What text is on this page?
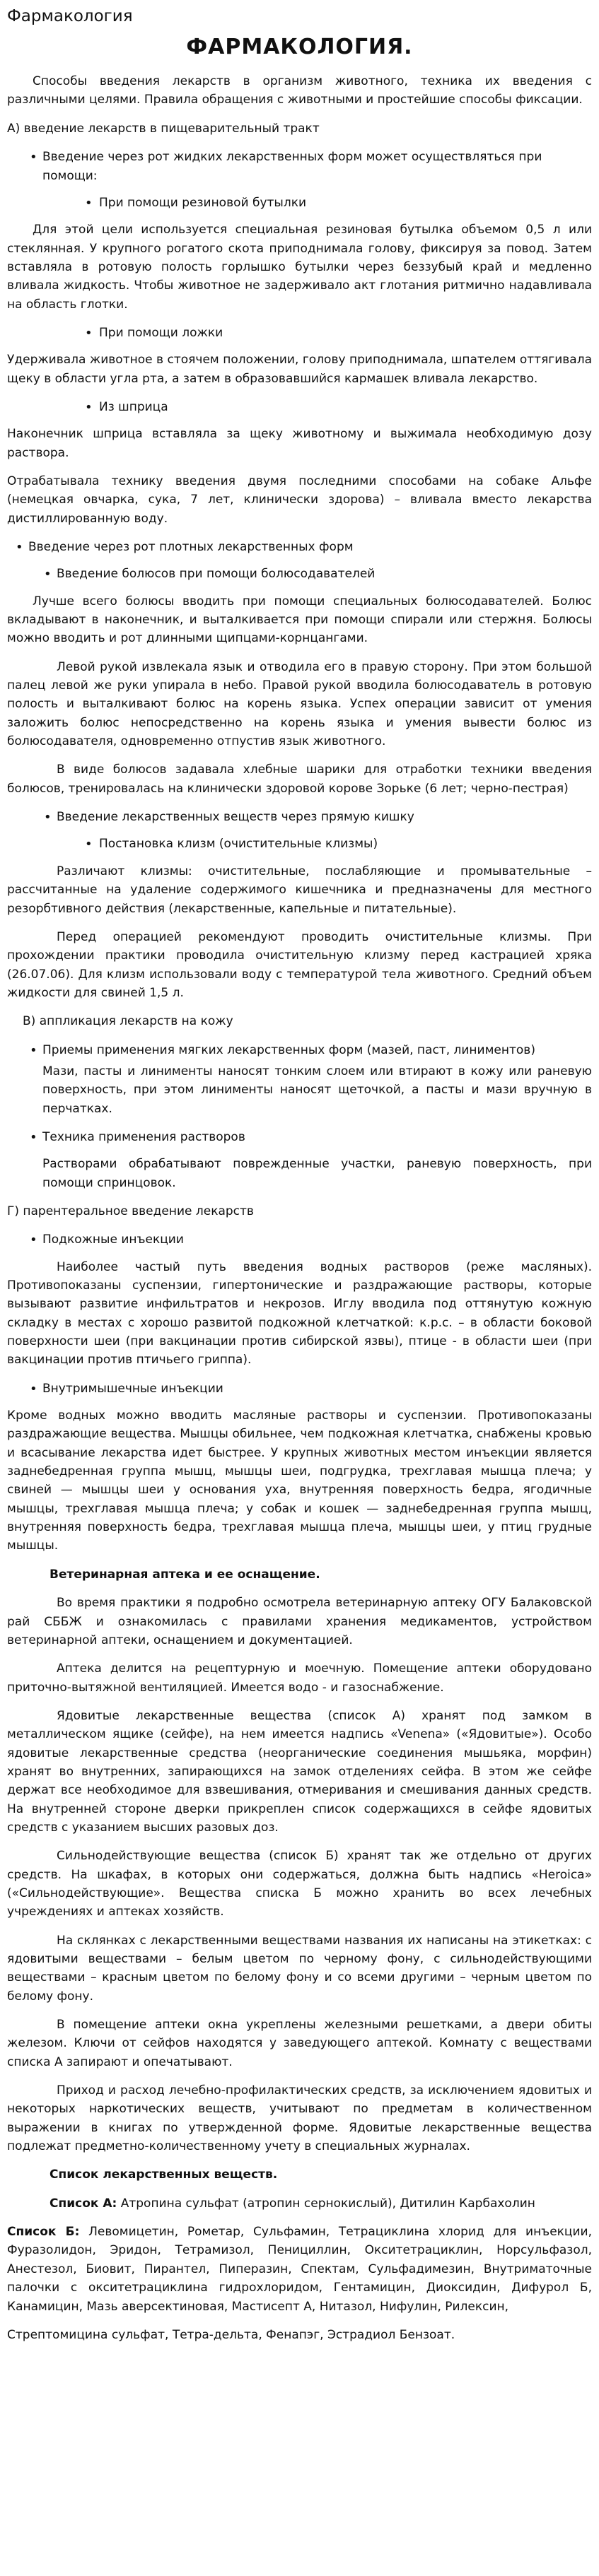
Фармакология
ФАРМАКОЛОГИЯ.

Способы введения лекарств в организм животного, техника их введения с различными целями. Правила обращения с животными и простейшие способы фиксации.

А) введение лекарств в пищеварительный тракт

• Введение через рот жидких лекарственных форм может осуществляться при помощи:
• При помощи резиновой бутылки

Для этой цели используется специальная резиновая бутылка объемом 0,5 л или стеклянная. У крупного рогатого скота приподнимала голову, фиксируя за повод. Затем вставляла в ротовую полость горлышко бутылки через беззубый край и медленно вливала жидкость. Чтобы животное не задерживало акт глотания ритмично надавливала на область глотки.

• При помощи ложки

Удерживала животное в стоячем положении, голову приподнимала, шпателем оттягивала щеку в области угла рта, а затем в образовавшийся кармашек вливала лекарство.

• Из шприца

Наконечник шприца вставляла за щеку животному и выжимала необходимую дозу раствора.

Отрабатывала технику введения двумя последними способами на собаке Альфе (немецкая овчарка, сука, 7 лет, клинически здорова) – вливала вместо лекарства дистиллированную воду.

• Введение через рот плотных лекарственных форм
• Введение болюсов при помощи болюсодавателей

Лучше всего болюсы вводить при помощи специальных болюсодавателей. Болюс вкладывают в наконечник, и выталкивается при помощи спирали или стержня. Болюсы можно вводить и рот длинными щипцами-корнцангами.

Левой рукой извлекала язык и отводила его в правую сторону. При этом большой палец левой же руки упирала в небо. Правой рукой вводила болюсодаватель в ротовую полость и выталкивают болюс на корень языка. Успех операции зависит от умения заложить болюс непосредственно на корень языка и умения вывести болюс из болюсодавателя, одновременно отпустив язык животного.

В виде болюсов задавала хлебные шарики для отработки техники введения болюсов, тренировалась на клинически здоровой корове Зорьке (6 лет; черно-пестрая)

• Введение лекарственных веществ через прямую кишку
• Постановка клизм (очистительные клизмы)

Различают клизмы: очистительные, послабляющие и промывательные – рассчитанные на удаление содержимого кишечника и предназначены для местного резорбтивного действия (лекарственные, капельные и питательные).

Перед операцией рекомендуют проводить очистительные клизмы. При прохождении практики проводила очистительную клизму перед кастрацией хряка (26.07.06). Для клизм использовали воду с температурой тела животного. Средний объем жидкости для свиней 1,5 л.

В) аппликация лекарств на кожу

• Приемы применения мягких лекарственных форм (мазей, паст, линиментов)

Мази, пасты и линименты наносят тонким слоем или втирают в кожу или раневую поверхность, при этом линименты наносят щеточкой, а пасты и мази вручную в перчатках.

• Техника применения растворов

Растворами обрабатывают поврежденные участки, раневую поверхность, при помощи спринцовок.

Г) парентеральное введение лекарств

• Подкожные инъекции

Наиболее частый путь введения водных растворов (реже масляных). Противопоказаны суспензии, гипертонические и раздражающие растворы, которые вызывают развитие инфильтратов и некрозов. Иглу вводила под оттянутую кожную складку в местах с хорошо развитой подкожной клетчаткой: к.р.с. – в области боковой поверхности шеи (при вакцинации против сибирской язвы), птице - в области шеи (при вакцинации против птичьего гриппа).

• Внутримышечные инъекции

Кроме водных можно вводить масляные растворы и суспензии. Противопоказаны раздражающие вещества. Мышцы обильнее, чем подкожная клетчатка, снабжены кровью и всасывание лекарства идет быстрее. У крупных животных местом инъекции является заднебедренная группа мышц, мышцы шеи, подгрудка, трехглавая мышца плеча; у свиней — мышцы шеи у основания уха, внутренняя поверхность бедра, ягодичные мышцы, трехглавая мышца плеча; у собак и кошек — заднебедренная группа мышц, внутренняя поверхность бедра, трехглавая мышца плеча, мышцы шеи, у птиц грудные мышцы.

Ветеринарная аптека и ее оснащение.

Во время практики я подробно осмотрела ветеринарную аптеку ОГУ Балаковской рай СББЖ и ознакомилась с правилами хранения медикаментов, устройством ветеринарной аптеки, оснащением и документацией.

Аптека делится на рецептурную и моечную. Помещение аптеки оборудовано приточно-вытяжной вентиляцией. Имеется водо - и газоснабжение.

Ядовитые лекарственные вещества (список А) хранят под замком в металлическом ящике (сейфе), на нем имеется надпись «Venena» («Ядовитые»). Особо ядовитые лекарственные средства (неорганические соединения мышьяка, морфин) хранят во внутренних, запирающихся на замок отделениях сейфа. В этом же сейфе держат все необходимое для взвешивания, отмеривания и смешивания данных средств. На внутренней стороне дверки прикреплен список содержащихся в сейфе ядовитых средств с указанием высших разовых доз.

Сильнодействующие вещества (список Б) хранят так же отдельно от других средств. На шкафах, в которых они содержаться, должна быть надпись «Heroica» («Сильнодействующие». Вещества списка Б можно хранить во всех лечебных учреждениях и аптеках хозяйств.

На склянках с лекарственными веществами названия их написаны на этикетках: с ядовитыми веществами – белым цветом по черному фону, с сильнодействующими веществами – красным цветом по белому фону и со всеми другими – черным цветом по белому фону.

В помещение аптеки окна укреплены железными решетками, а двери обиты железом. Ключи от сейфов находятся у заведующего аптекой. Комнату с веществами списка А запирают и опечатывают.

Приход и расход лечебно-профилактических средств, за исключением ядовитых и некоторых наркотических веществ, учитывают по предметам в количественном выражении в книгах по утвержденной форме. Ядовитые лекарственные вещества подлежат предметно-количественному учету в специальных журналах.

Список лекарственных веществ.

Список А: Атропина сульфат (атропин сернокислый), Дитилин Карбахолин

Список Б: Левомицетин, Рометар, Сульфамин, Тетрациклина хлорид для инъекции, Фуразолидон, Эридон, Тетрамизол, Пенициллин, Окситетрациклин, Норсульфазол, Анестезол, Биовит, Пирантел, Пиперазин, Спектам, Сульфадимезин, Внутриматочные палочки с окситетрациклина гидрохлоридом, Гентамицин, Диоксидин, Дифурол Б, Канамицин, Мазь аверсектиновая, Мастисепт А, Нитазол, Нифулин, Рилексин,

Стрептомицина сульфат, Тетра-дельта, Фенапэг, Эстрадиол Бензоат.
